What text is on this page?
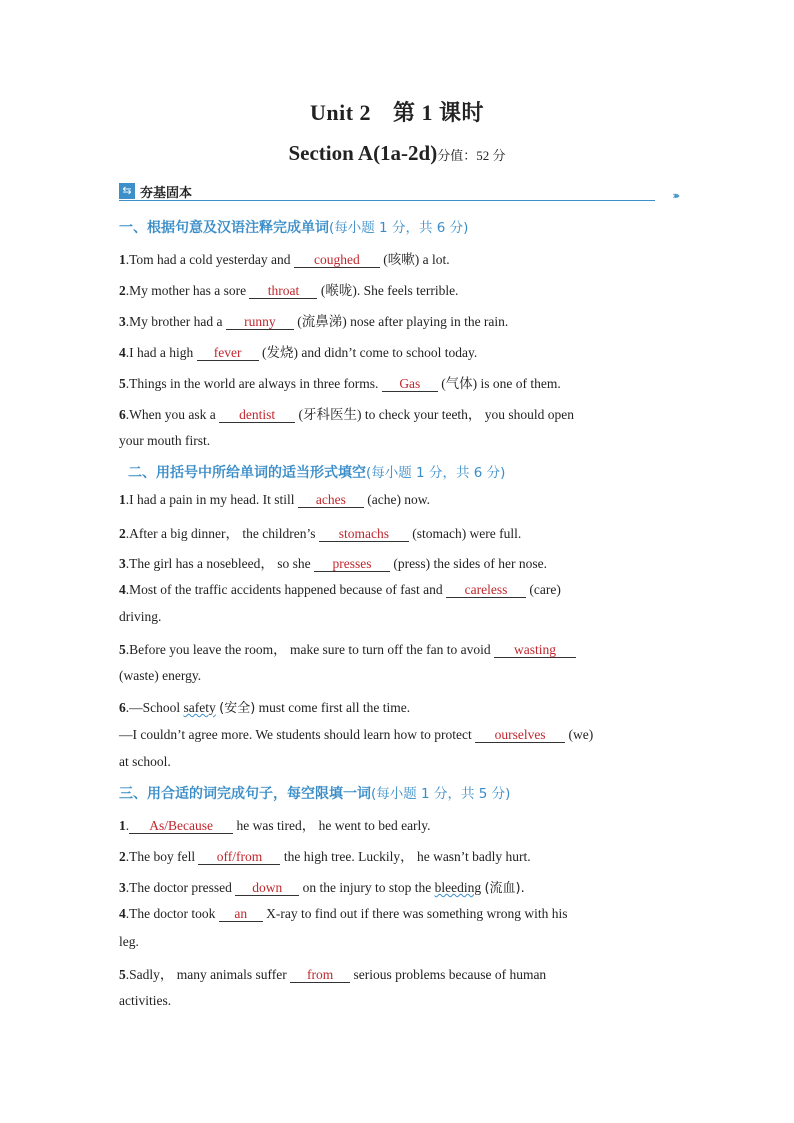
Unit 2 第 1 课时
Section A(1a-2d)分值：52 分
⇆ 夯基固本	›››
一、根据句意及汉语注释完成单词(每小题 1 分，共 6 分)
1.Tom had a cold yesterday and coughed (咳嗽) a lot.
2.My mother has a sore throat (喉咙). She feels terrible.
3.My brother had a runny (流鼻涕) nose after playing in the rain.
4.I had a high fever (发烧) and didn’t come to school today.
5.Things in the world are always in three forms. Gas (气体) is one of them.
6.When you ask a dentist (牙科医生) to check your teeth， you should open
your mouth first.
二、用括号中所给单词的适当形式填空(每小题 1 分，共 6 分)
1.I had a pain in my head. It still aches (ache) now.
2.After a big dinner， the children’s stomachs (stomach) were full.
3.The girl has a nosebleed， so she presses (press) the sides of her nose.
4.Most of the traffic accidents happened because of fast and careless (care)
driving.
5.Before you leave the room， make sure to turn off the fan to avoid wasting
(waste) energy.
6.—School safety (安全) must come first all the time.
—I couldn’t agree more. We students should learn how to protect ourselves (we)
at school.
三、用合适的词完成句子，每空限填一词(每小题 1 分，共 5 分)
1. As/Because he was tired， he went to bed early.
2.The boy fell off/from the high tree. Luckily， he wasn’t badly hurt.
3.The doctor pressed down on the injury to stop the bleeding (流血).
4.The doctor took an X-ray to find out if there was something wrong with his
leg.
5.Sadly， many animals suffer from serious problems because of human
activities.
